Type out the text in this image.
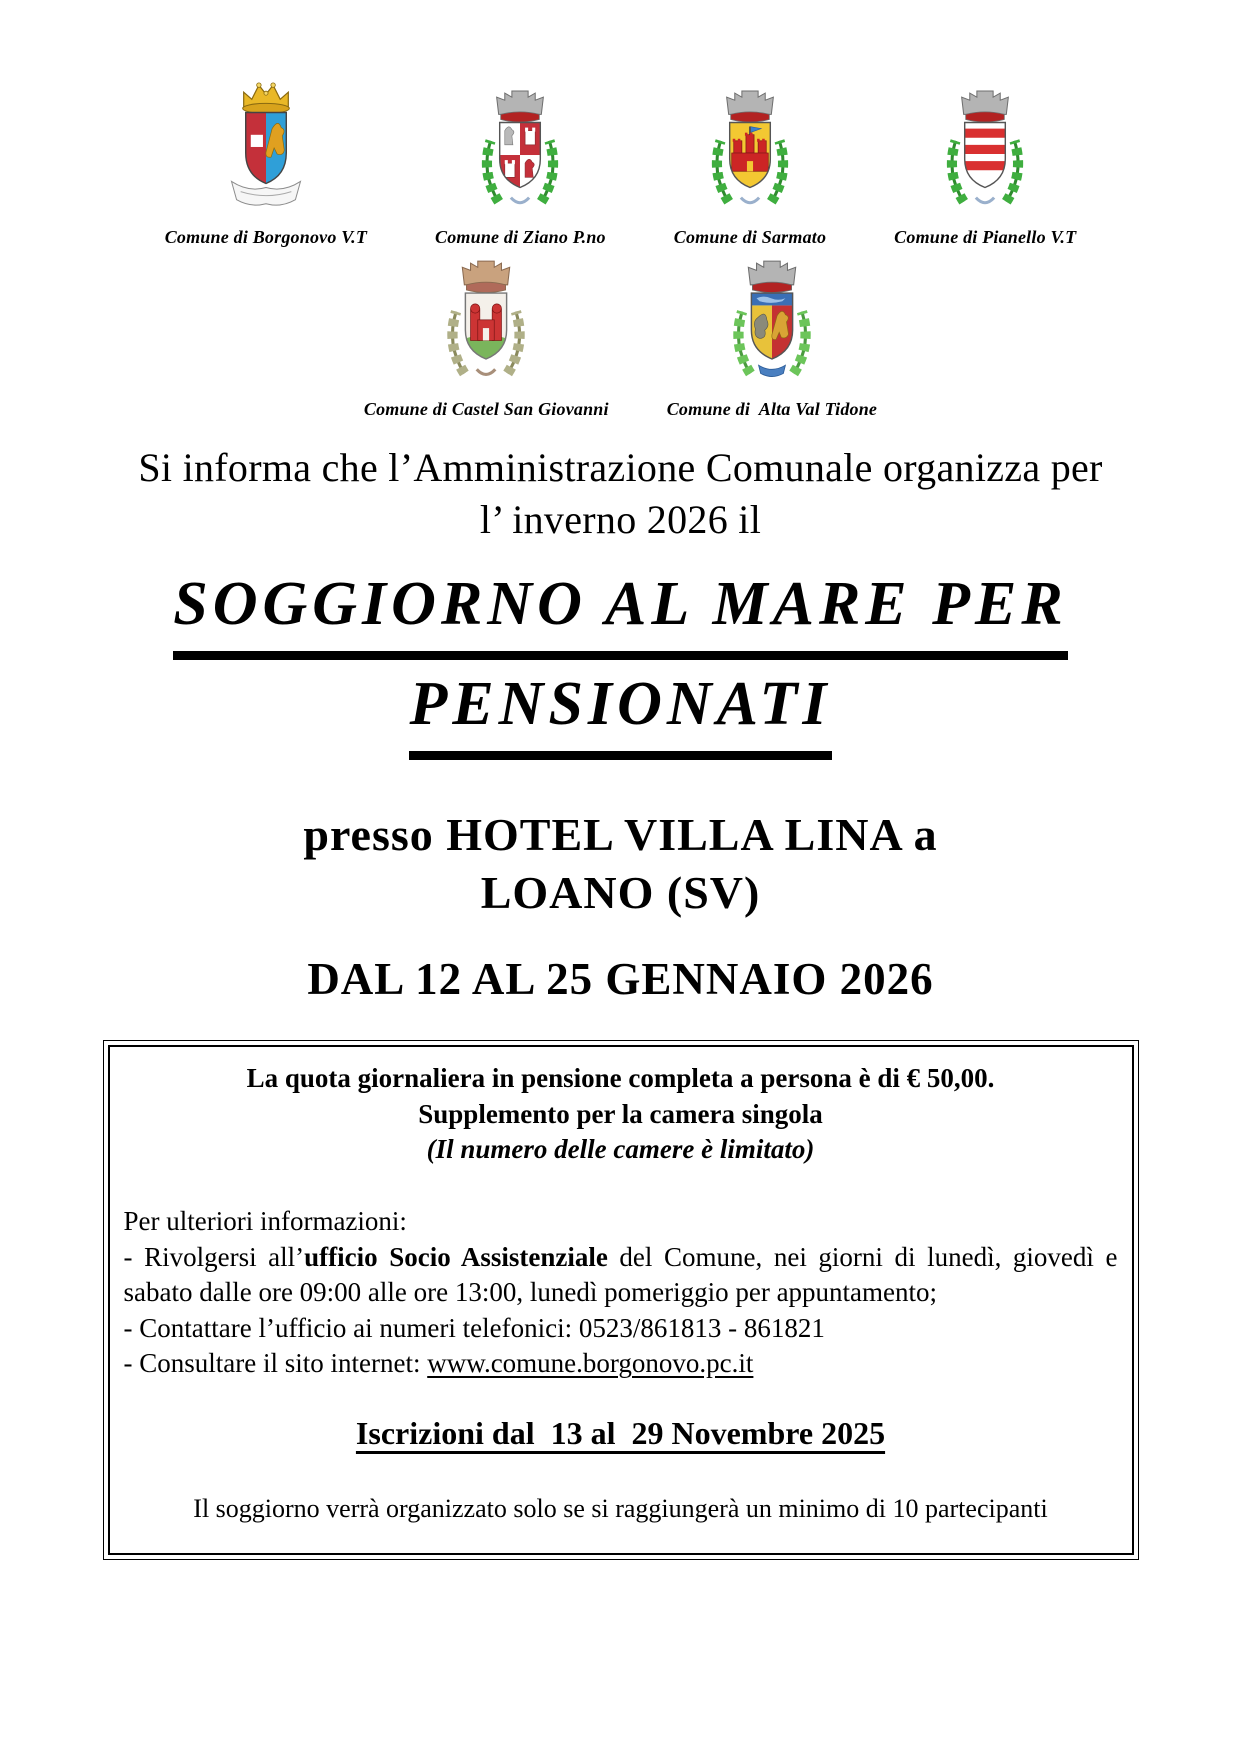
Comune di Borgonovo V.T	Comune di Ziano P.no	Comune di Sarmato	Comune di Pianello V.T
Comune di Castel San Giovanni	Comune di  Alta Val Tidone
Si informa che l’Amministrazione Comunale organizza per
l’ inverno 2026 il
SOGGIORNO AL MARE PER
PENSIONATI
presso HOTEL VILLA LINA a
LOANO (SV)
DAL 12 AL 25 GENNAIO 2026
La quota giornaliera in pensione completa a persona è di € 50,00.
Supplemento per la camera singola
(Il numero delle camere è limitato)
Per ulteriori informazioni:

- Rivolgersi all’ufficio Socio Assistenziale del Comune, nei giorni di lunedì, giovedì e sabato dalle ore 09:00 alle ore 13:00, lunedì pomeriggio per appuntamento;

- Contattare l’ufficio ai numeri telefonici: 0523/861813 - 861821
- Consultare il sito internet: www.comune.borgonovo.pc.it
Iscrizioni dal  13 al  29 Novembre 2025
Il soggiorno verrà organizzato solo se si raggiungerà un minimo di 10 partecipanti
